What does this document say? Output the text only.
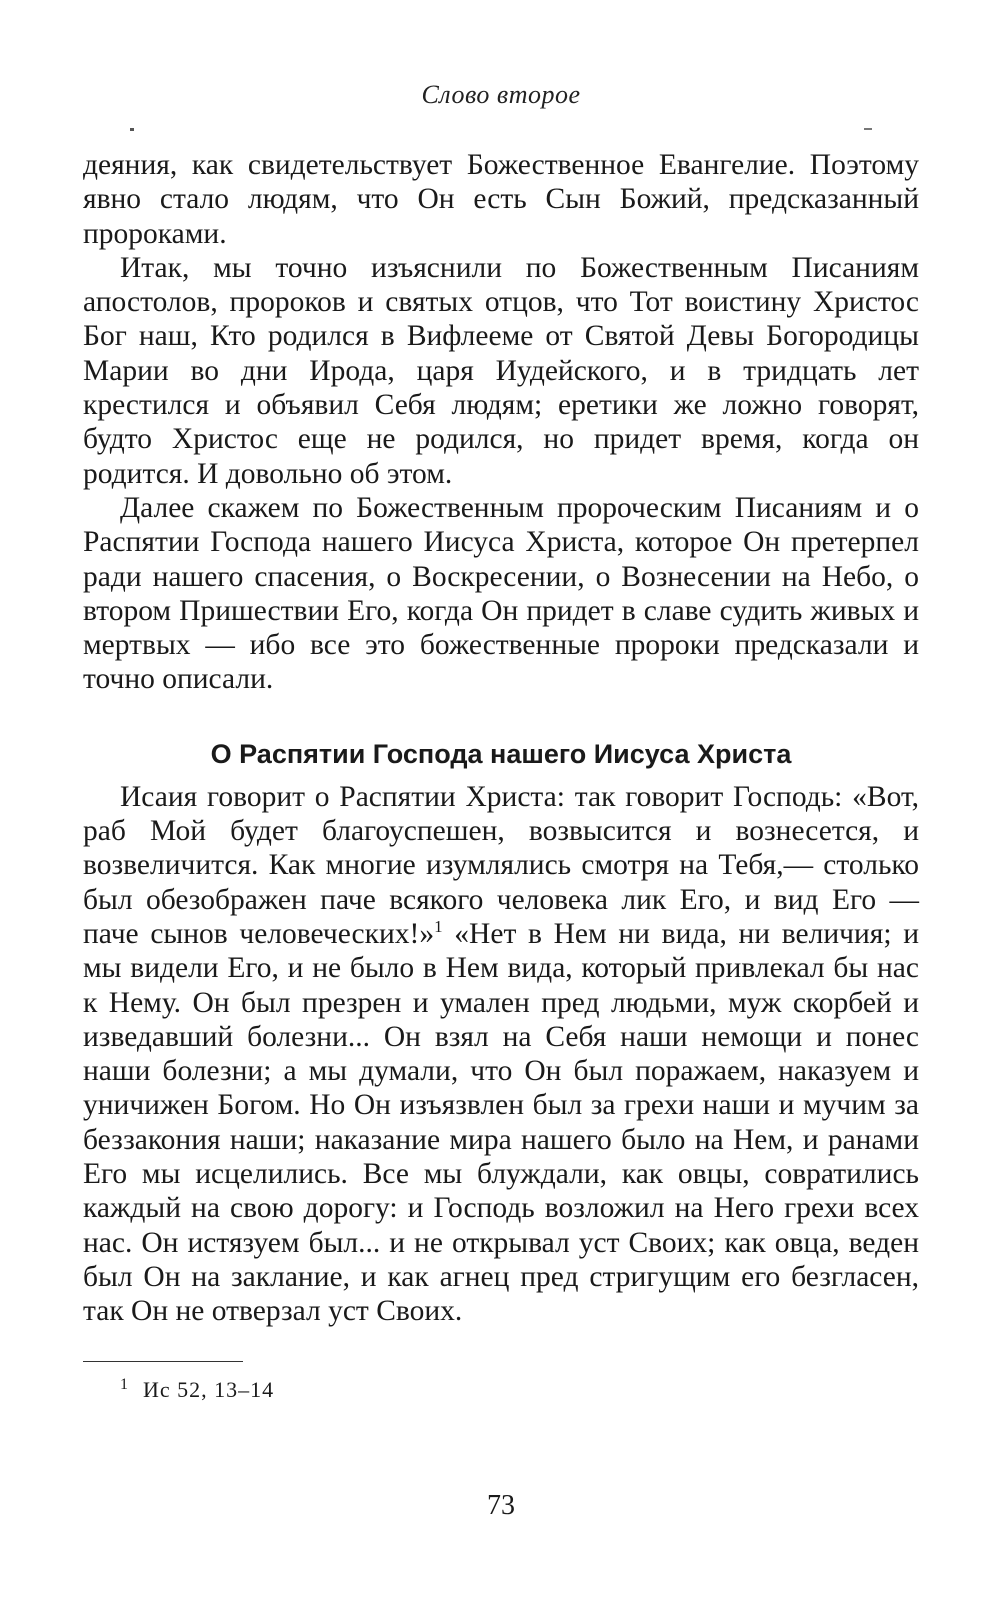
Слово второе

деяния, как свидетельствует Божественное Евангелие. Поэтому явно стало людям, что Он есть Сын Божий, предсказанный пророками.

Итак, мы точно изъяснили по Божественным Писаниям апостолов, пророков и святых отцов, что Тот воистину Христос Бог наш, Кто родился в Вифлееме от Святой Девы Богородицы Марии во дни Ирода, царя Иудейского, и в тридцать лет крестился и объявил Себя людям; еретики же ложно говорят, будто Христос еще не родился, но придет время, когда он родится. И довольно об этом.

Далее скажем по Божественным пророческим Писаниям и о Распятии Господа нашего Иисуса Христа, которое Он претерпел ради нашего спасения, о Воскресении, о Вознесении на Небо, о втором Пришествии Его, когда Он придет в славе судить живых и мертвых — ибо все это божественные пророки предсказали и точно описали.

О Распятии Господа нашего Иисуса Христа

Исаия говорит о Распятии Христа: так говорит Господь: «Вот, раб Мой будет благоуспешен, возвысится и вознесется, и возвеличится. Как многие изумлялись смотря на Тебя,— столько был обезображен паче всякого человека лик Его, и вид Его — паче сынов человеческих!»$^1$ «Нет в Нем ни вида, ни величия; и мы видели Его, и не было в Нем вида, который привлекал бы нас к Нему. Он был презрен и умален пред людьми, муж скорбей и изведавший болезни... Он взял на Себя наши немощи и понес наши болезни; а мы думали, что Он был поражаем, наказуем и уничижен Богом. Но Он изъязвлен был за грехи наши и мучим за беззакония наши; наказание мира нашего было на Нем, и ранами Его мы исцелились. Все мы блуждали, как овцы, совратились каждый на свою дорогу: и Господь возложил на Него грехи всех нас. Он истязуем был... и не открывал уст Своих; как овца, веден был Он на заклание, и как агнец пред стригущим его безгласен, так Он не отверзал уст Своих.

$^1$ Ис 52, 13–14
73
